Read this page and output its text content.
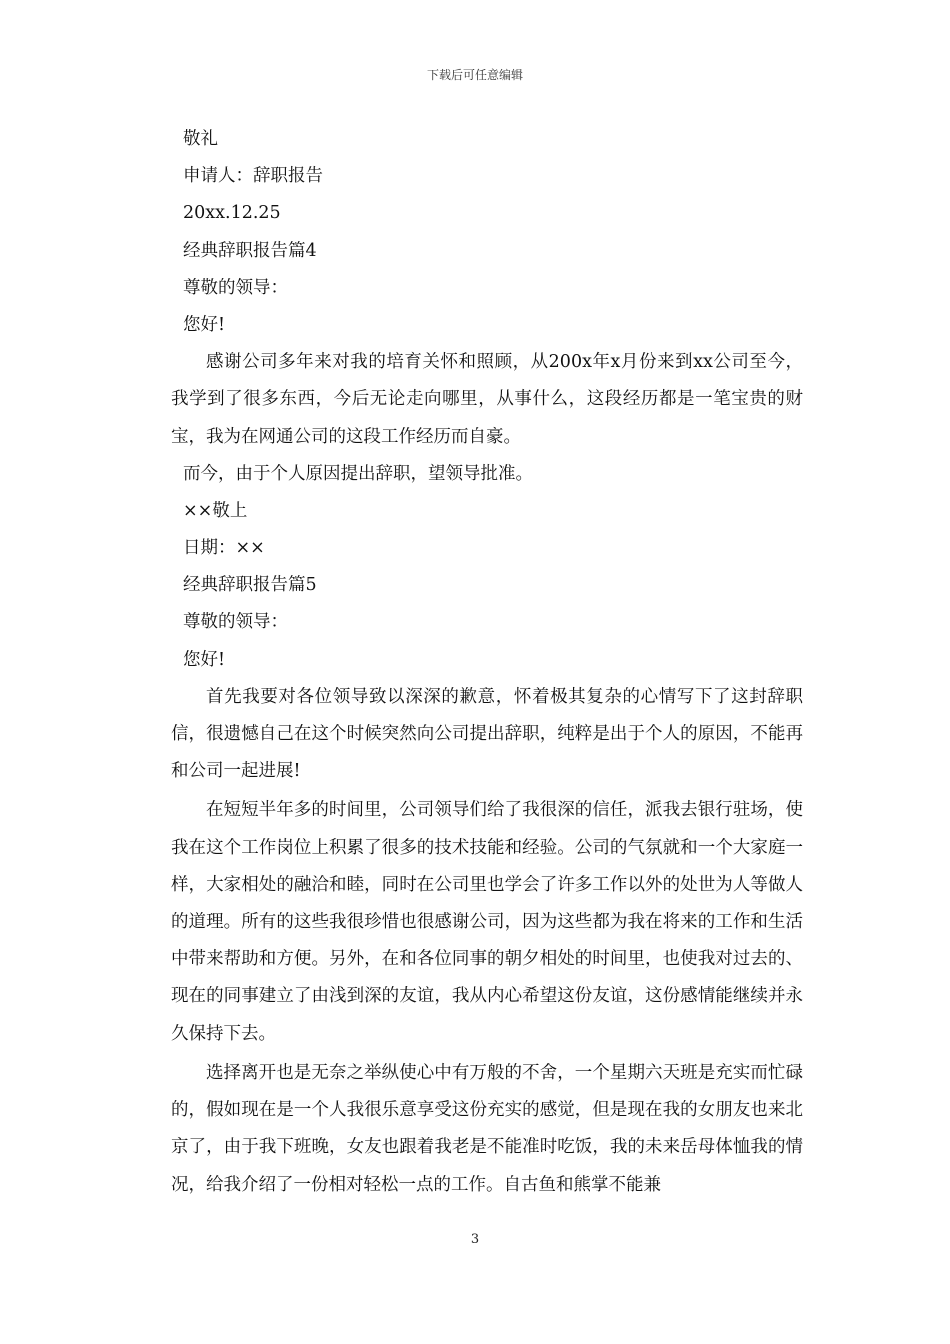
下载后可任意编辑
敬礼
申请人：辞职报告
20xx.12.25
经典辞职报告篇4
尊敬的领导：
您好!

感谢公司多年来对我的培育关怀和照顾，从200x年x月份来到xx公司至今，我学到了很多东西，今后无论走向哪里，从事什么，这段经历都是一笔宝贵的财宝，我为在网通公司的这段工作经历而自豪。

而今，由于个人原因提出辞职，望领导批准。
××敬上
日期：××
经典辞职报告篇5
尊敬的领导：
您好!

首先我要对各位领导致以深深的歉意，怀着极其复杂的心情写下了这封辞职信，很遗憾自己在这个时候突然向公司提出辞职，纯粹是出于个人的原因，不能再和公司一起进展!

在短短半年多的时间里，公司领导们给了我很深的信任，派我去银行驻场，使我在这个工作岗位上积累了很多的技术技能和经验。公司的气氛就和一个大家庭一样，大家相处的融洽和睦，同时在公司里也学会了许多工作以外的处世为人等做人的道理。所有的这些我很珍惜也很感谢公司，因为这些都为我在将来的工作和生活中带来帮助和方便。另外，在和各位同事的朝夕相处的时间里，也使我对过去的、现在的同事建立了由浅到深的友谊，我从内心希望这份友谊，这份感情能继续并永久保持下去。

选择离开也是无奈之举纵使心中有万般的不舍，一个星期六天班是充实而忙碌的，假如现在是一个人我很乐意享受这份充实的感觉，但是现在我的女朋友也来北京了，由于我下班晚，女友也跟着我老是不能准时吃饭，我的未来岳母体恤我的情况，给我介绍了一份相对轻松一点的工作。自古鱼和熊掌不能兼

3
